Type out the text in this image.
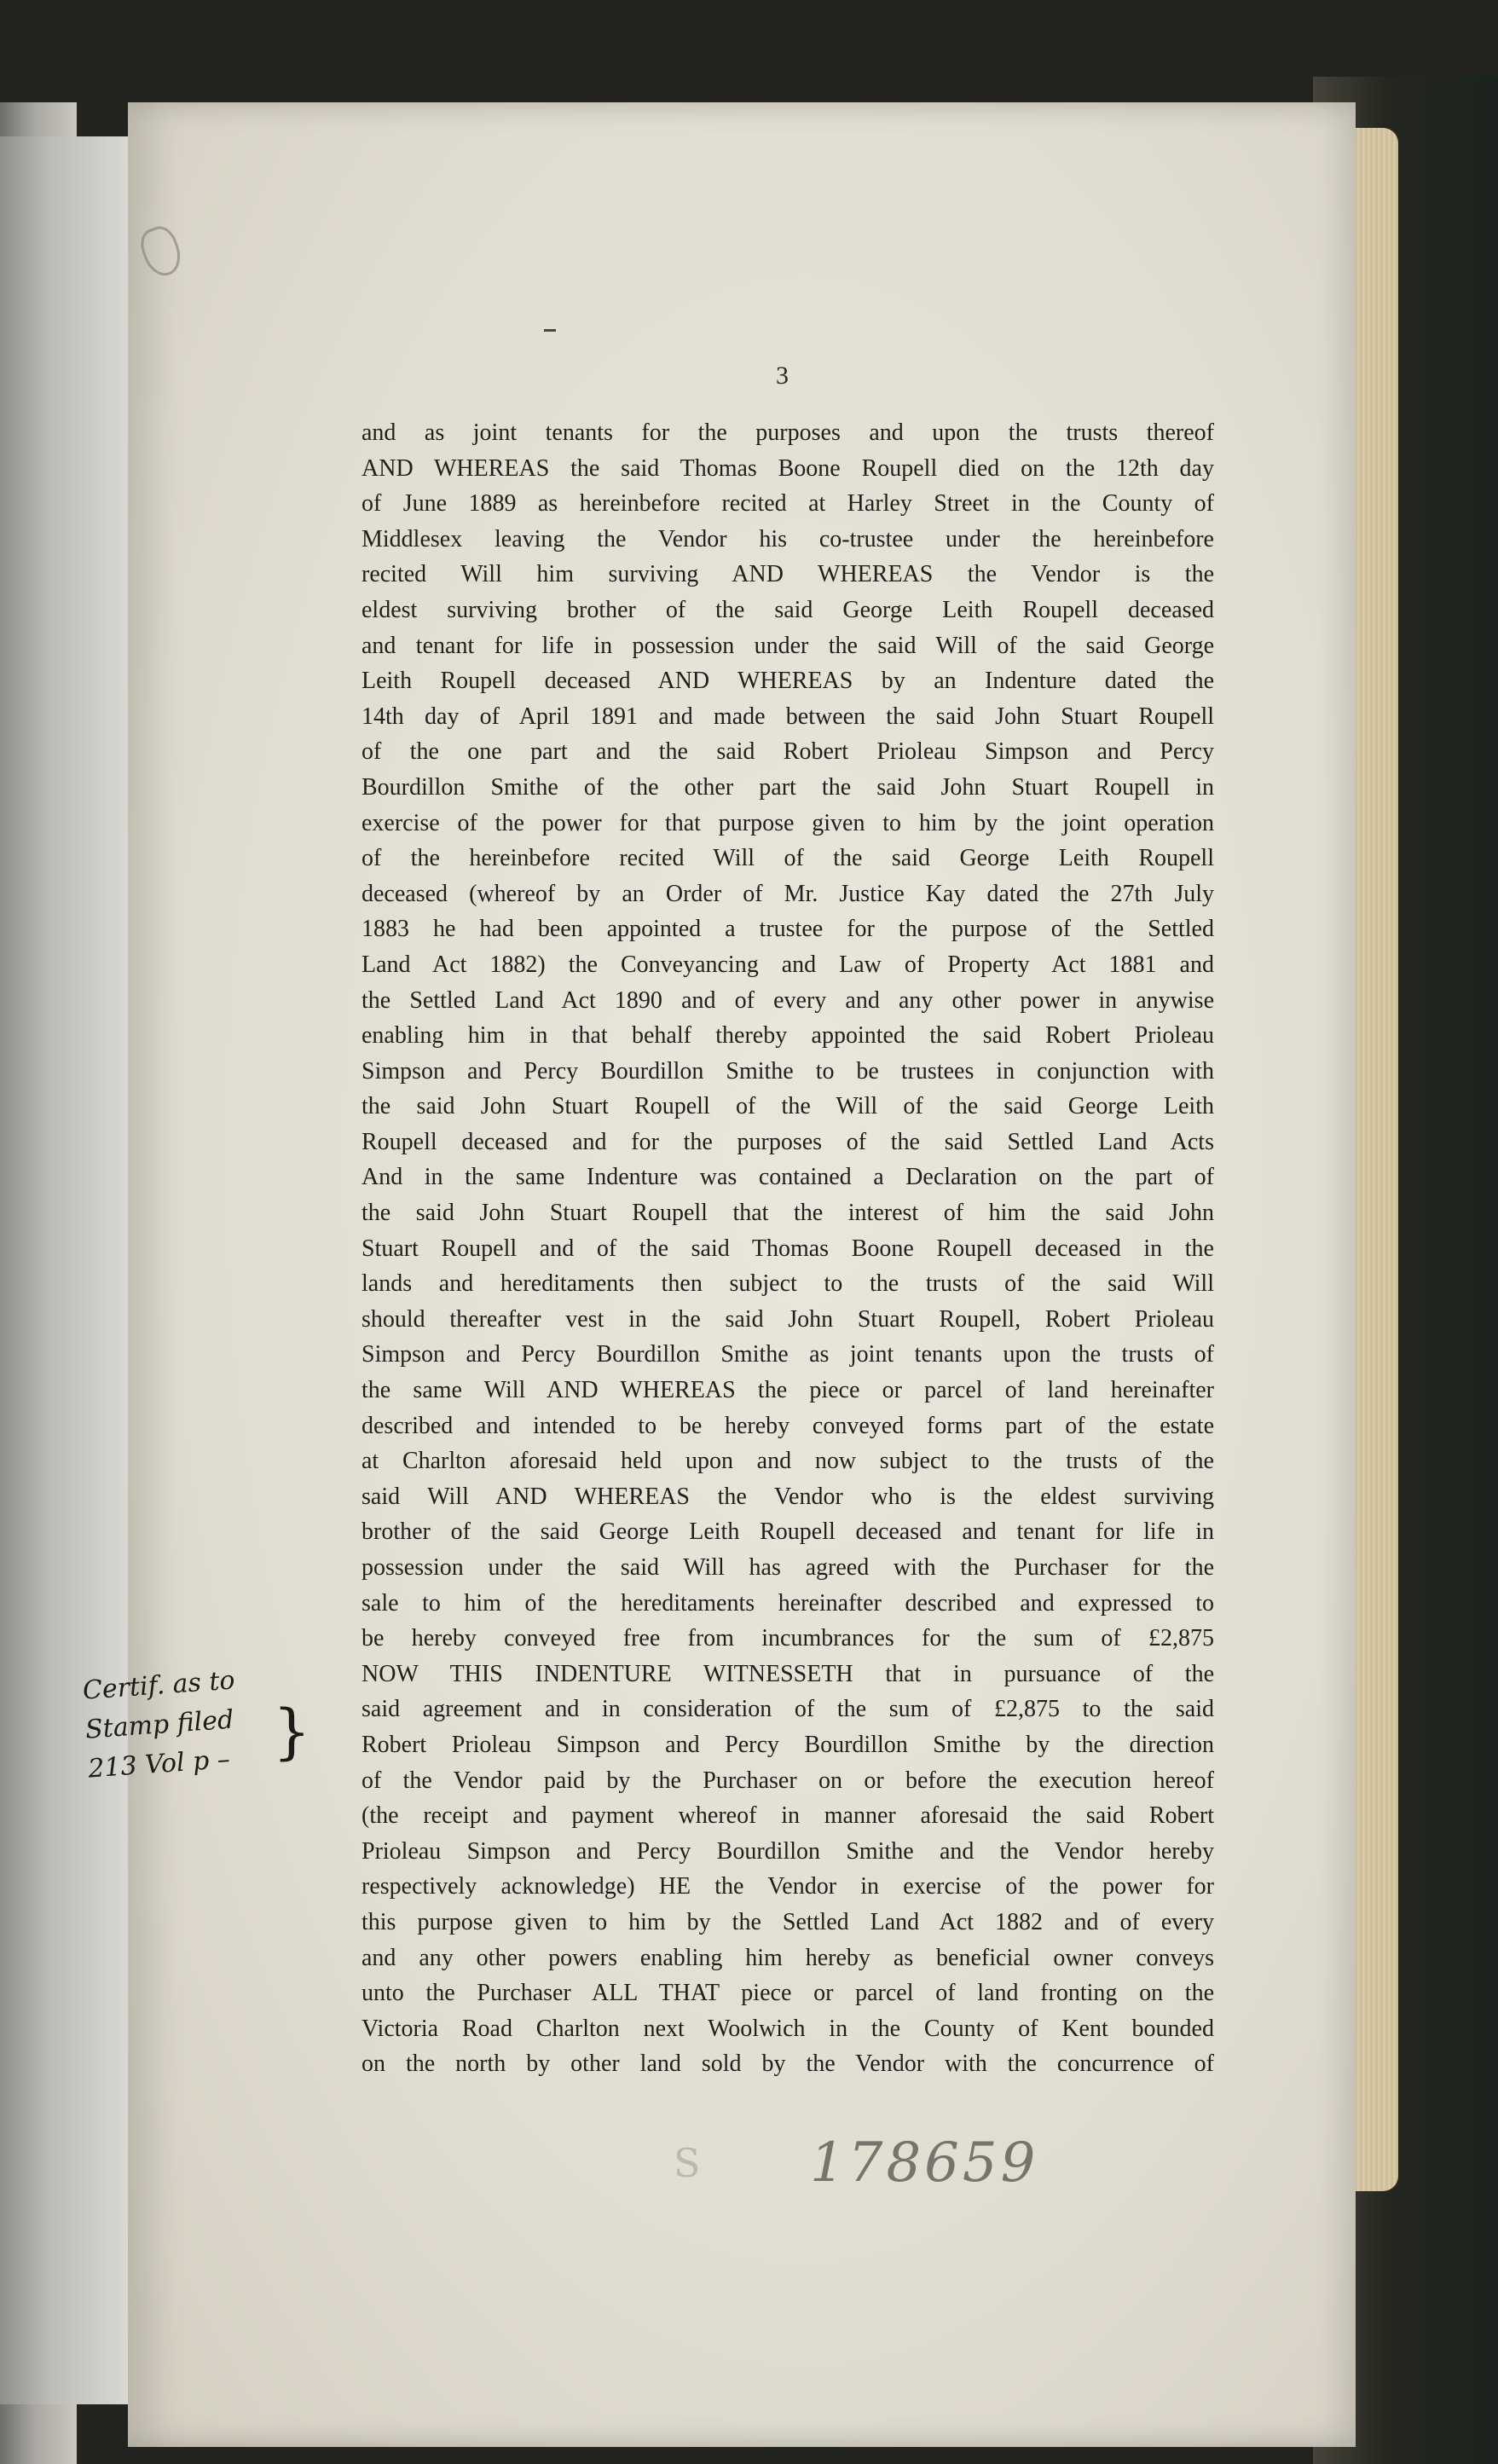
3
and as joint tenants for the purposes and upon the trusts thereof
AND WHEREAS the said Thomas Boone Roupell died on the 12th day
of June 1889 as hereinbefore recited at Harley Street in the County of
Middlesex leaving the Vendor his co-trustee under the hereinbefore
recited Will him surviving AND WHEREAS the Vendor is the
eldest surviving brother of the said George Leith Roupell deceased
and tenant for life in possession under the said Will of the said George
Leith Roupell deceased AND WHEREAS by an Indenture dated the
14th day of April 1891 and made between the said John Stuart Roupell
of the one part and the said Robert Prioleau Simpson and Percy
Bourdillon Smithe of the other part the said John Stuart Roupell in
exercise of the power for that purpose given to him by the joint operation
of the hereinbefore recited Will of the said George Leith Roupell
deceased (whereof by an Order of Mr. Justice Kay dated the 27th July
1883 he had been appointed a trustee for the purpose of the Settled
Land Act 1882) the Conveyancing and Law of Property Act 1881 and
the Settled Land Act 1890 and of every and any other power in anywise
enabling him in that behalf thereby appointed the said Robert Prioleau
Simpson and Percy Bourdillon Smithe to be trustees in conjunction with
the said John Stuart Roupell of the Will of the said George Leith
Roupell deceased and for the purposes of the said Settled Land Acts
And in the same Indenture was contained a Declaration on the part of
the said John Stuart Roupell that the interest of him the said John
Stuart Roupell and of the said Thomas Boone Roupell deceased in the
lands and hereditaments then subject to the trusts of the said Will
should thereafter vest in the said John Stuart Roupell, Robert Prioleau
Simpson and Percy Bourdillon Smithe as joint tenants upon the trusts of
the same Will AND WHEREAS the piece or parcel of land hereinafter
described and intended to be hereby conveyed forms part of the estate
at Charlton aforesaid held upon and now subject to the trusts of the
said Will AND WHEREAS the Vendor who is the eldest surviving
brother of the said George Leith Roupell deceased and tenant for life in
possession under the said Will has agreed with the Purchaser for the
sale to him of the hereditaments hereinafter described and expressed to
be hereby conveyed free from incumbrances for the sum of £2,875
NOW THIS INDENTURE WITNESSETH that in pursuance of the
said agreement and in consideration of the sum of £2,875 to the said
Robert Prioleau Simpson and Percy Bourdillon Smithe by the direction
of the Vendor paid by the Purchaser on or before the execution hereof
(the receipt and payment whereof in manner aforesaid the said Robert
Prioleau Simpson and Percy Bourdillon Smithe and the Vendor hereby
respectively acknowledge) HE the Vendor in exercise of the power for
this purpose given to him by the Settled Land Act 1882 and of every
and any other powers enabling him hereby as beneficial owner conveys
unto the Purchaser ALL THAT piece or parcel of land fronting on the
Victoria Road Charlton next Woolwich in the County of Kent bounded
on the north by other land sold by the Vendor with the concurrence of
Certif. as to
Stamp filed
213 Vol p – }
S 178659
